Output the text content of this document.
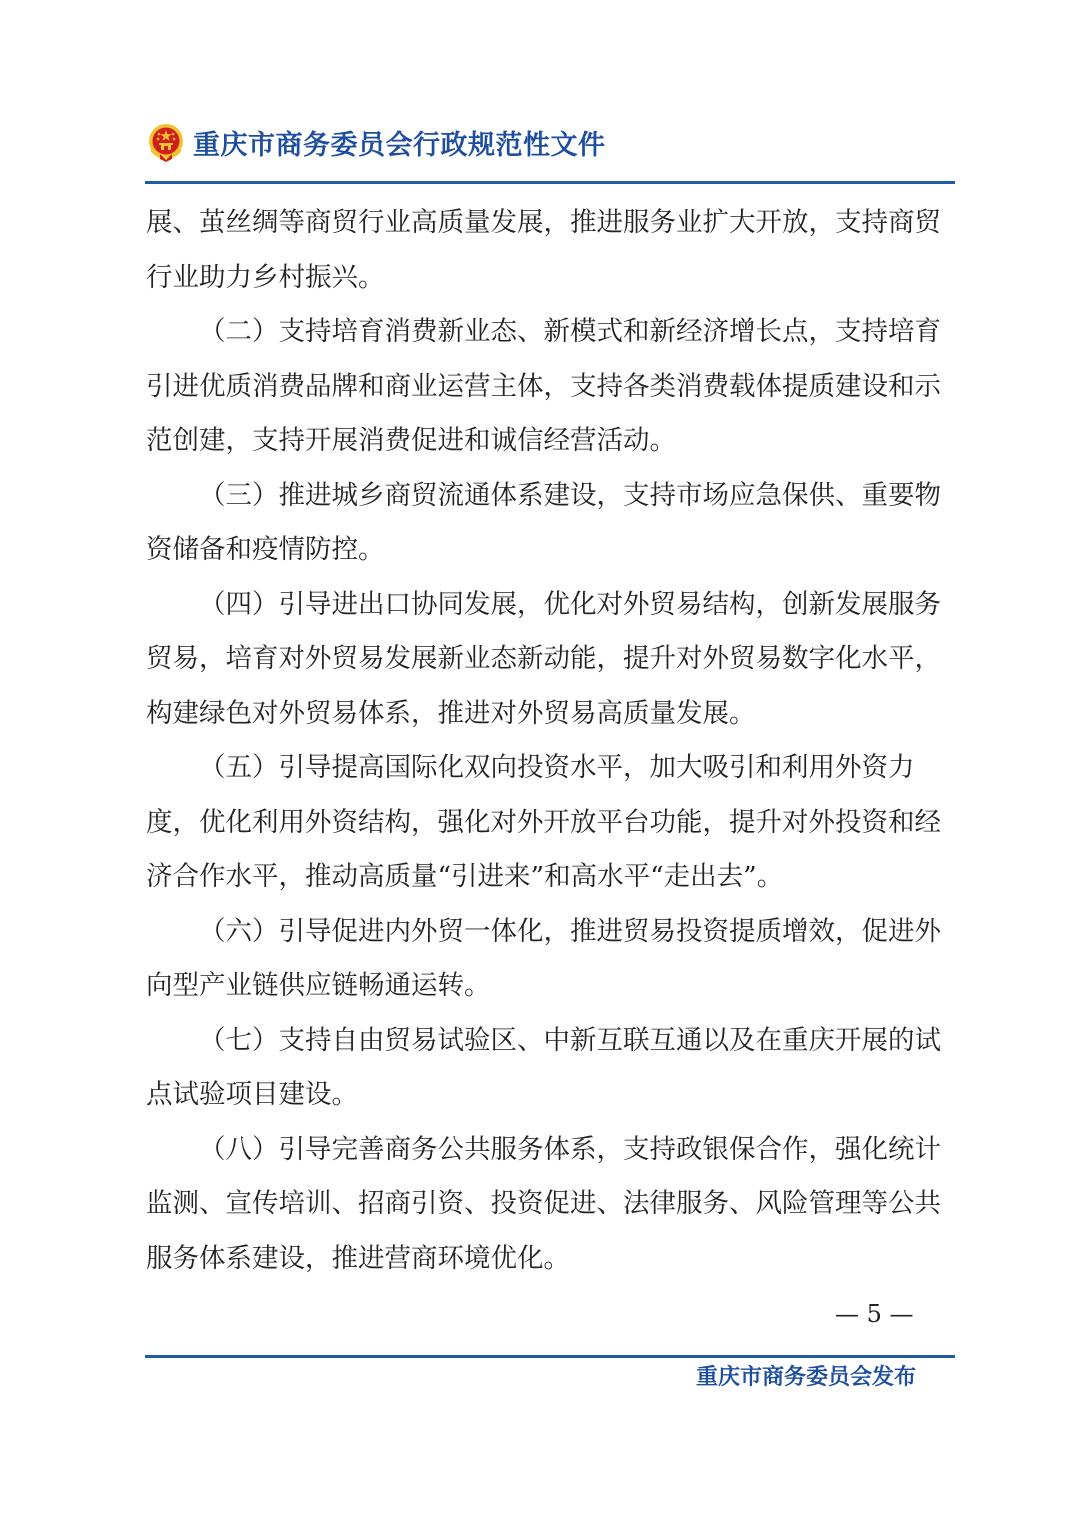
重庆市商务委员会行政规范性文件

展、茧丝绸等商贸行业高质量发展，推进服务业扩大开放，支持商贸行业助力乡村振兴。

（二）支持培育消费新业态、新模式和新经济增长点，支持培育引进优质消费品牌和商业运营主体，支持各类消费载体提质建设和示范创建，支持开展消费促进和诚信经营活动。

（三）推进城乡商贸流通体系建设，支持市场应急保供、重要物资储备和疫情防控。

（四）引导进出口协同发展，优化对外贸易结构，创新发展服务贸易，培育对外贸易发展新业态新动能，提升对外贸易数字化水平，构建绿色对外贸易体系，推进对外贸易高质量发展。

（五）引导提高国际化双向投资水平，加大吸引和利用外资力度，优化利用外资结构，强化对外开放平台功能，提升对外投资和经济合作水平，推动高质量“引进来”和高水平“走出去”。

（六）引导促进内外贸一体化，推进贸易投资提质增效，促进外向型产业链供应链畅通运转。

（七）支持自由贸易试验区、中新互联互通以及在重庆开展的试点试验项目建设。

（八）引导完善商务公共服务体系，支持政银保合作，强化统计监测、宣传培训、招商引资、投资促进、法律服务、风险管理等公共服务体系建设，推进营商环境优化。

— 5 —
重庆市商务委员会发布
